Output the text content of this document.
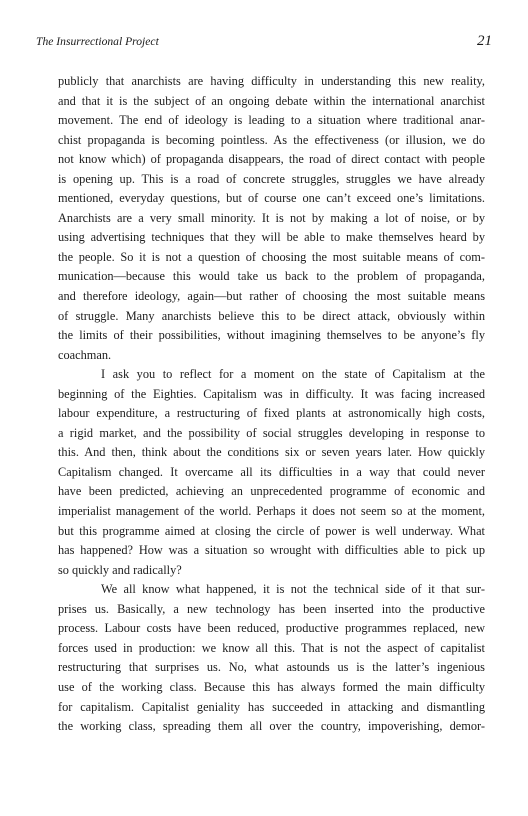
The Insurrectional Project	21
publicly that anarchists are having difficulty in understanding this new reality,
and that it is the subject of an ongoing debate within the international anarchist
movement. The end of ideology is leading to a situation where traditional anar-
chist propaganda is becoming pointless. As the effectiveness (or illusion, we do
not know which) of propaganda disappears, the road of direct contact with people
is opening up. This is a road of concrete struggles, struggles we have already
mentioned, everyday questions, but of course one can’t exceed one’s limitations.
Anarchists are a very small minority. It is not by making a lot of noise, or by
using advertising techniques that they will be able to make themselves heard by
the people. So it is not a question of choosing the most suitable means of com-
munication—because this would take us back to the problem of propaganda,
and therefore ideology, again—but rather of choosing the most suitable means
of struggle. Many anarchists believe this to be direct attack, obviously within
the limits of their possibilities, without imagining themselves to be anyone’s fly
coachman.
I ask you to reflect for a moment on the state of Capitalism at the
beginning of the Eighties. Capitalism was in difficulty. It was facing increased
labour expenditure, a restructuring of fixed plants at astronomically high costs,
a rigid market, and the possibility of social struggles developing in response to
this. And then, think about the conditions six or seven years later. How quickly
Capitalism changed. It overcame all its difficulties in a way that could never
have been predicted, achieving an unprecedented programme of economic and
imperialist management of the world. Perhaps it does not seem so at the moment,
but this programme aimed at closing the circle of power is well underway. What
has happened? How was a situation so wrought with difficulties able to pick up
so quickly and radically?
We all know what happened, it is not the technical side of it that sur-
prises us. Basically, a new technology has been inserted into the productive
process. Labour costs have been reduced, productive programmes replaced, new
forces used in production: we know all this. That is not the aspect of capitalist
restructuring that surprises us. No, what astounds us is the latter’s ingenious
use of the working class. Because this has always formed the main difficulty
for capitalism. Capitalist geniality has succeeded in attacking and dismantling
the working class, spreading them all over the country, impoverishing, demor-
